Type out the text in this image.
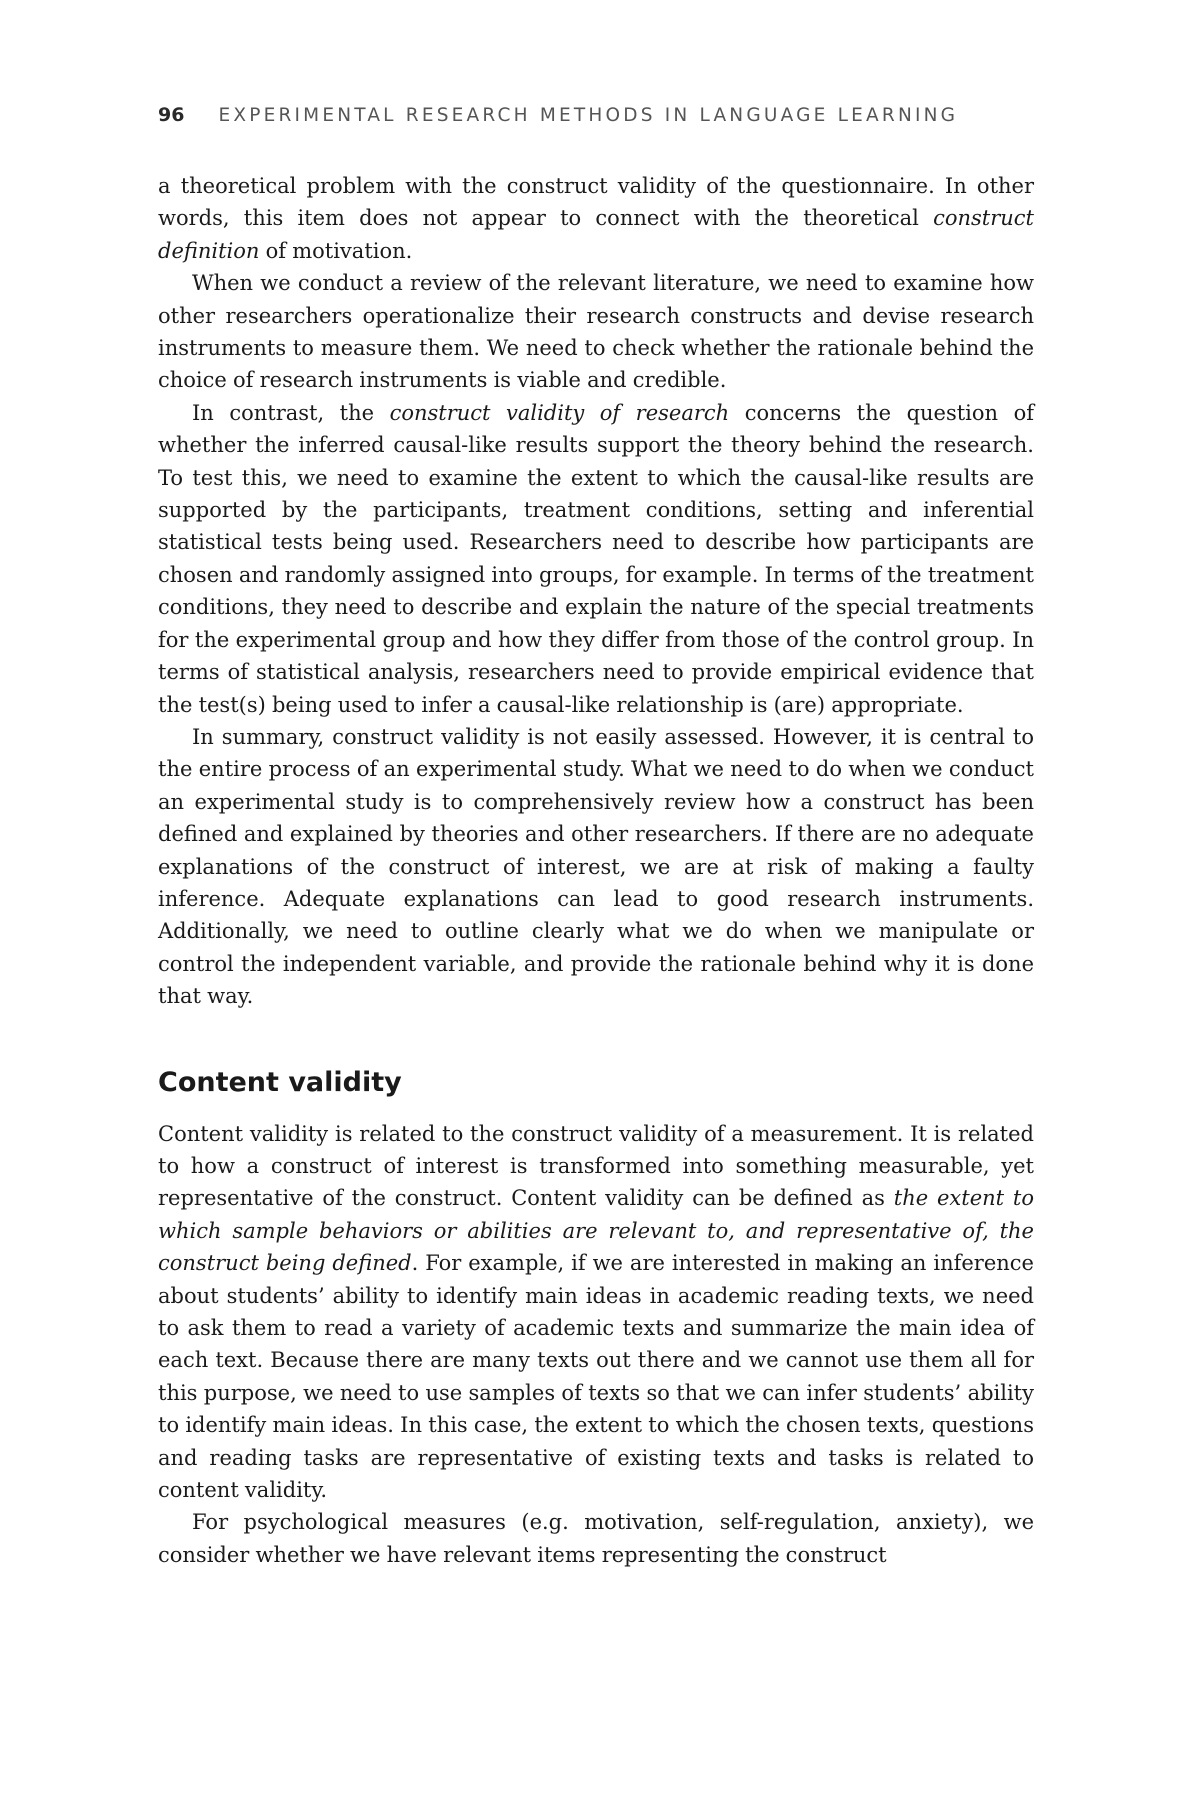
96 EXPERIMENTAL RESEARCH METHODS IN LANGUAGE LEARNING

a theoretical problem with the construct validity of the questionnaire. In other words, this item does not appear to connect with the theoretical construct definition of motivation.

When we conduct a review of the relevant literature, we need to examine how other researchers operationalize their research constructs and devise research instruments to measure them. We need to check whether the rationale behind the choice of research instruments is viable and credible.

In contrast, the construct validity of research concerns the question of whether the inferred causal-like results support the theory behind the research. To test this, we need to examine the extent to which the causal-like results are supported by the participants, treatment conditions, setting and inferential statistical tests being used. Researchers need to describe how participants are chosen and randomly assigned into groups, for example. In terms of the treatment conditions, they need to describe and explain the nature of the special treatments for the experimental group and how they differ from those of the control group. In terms of statistical analysis, researchers need to provide empirical evidence that the test(s) being used to infer a causal-like relationship is (are) appropriate.

In summary, construct validity is not easily assessed. However, it is central to the entire process of an experimental study. What we need to do when we conduct an experimental study is to comprehensively review how a construct has been defined and explained by theories and other researchers. If there are no adequate explanations of the construct of interest, we are at risk of making a faulty inference. Adequate explanations can lead to good research instruments. Additionally, we need to outline clearly what we do when we manipulate or control the independent variable, and provide the rationale behind why it is done that way.

Content validity

Content validity is related to the construct validity of a measurement. It is related to how a construct of interest is transformed into something measurable, yet representative of the construct. Content validity can be defined as the extent to which sample behaviors or abilities are relevant to, and representative of, the construct being defined. For example, if we are interested in making an inference about students’ ability to identify main ideas in academic reading texts, we need to ask them to read a variety of academic texts and summarize the main idea of each text. Because there are many texts out there and we cannot use them all for this purpose, we need to use samples of texts so that we can infer students’ ability to identify main ideas. In this case, the extent to which the chosen texts, questions and reading tasks are representative of existing texts and tasks is related to content validity.

For psychological measures (e.g. motivation, self-regulation, anxiety), we consider whether we have relevant items representing the construct
